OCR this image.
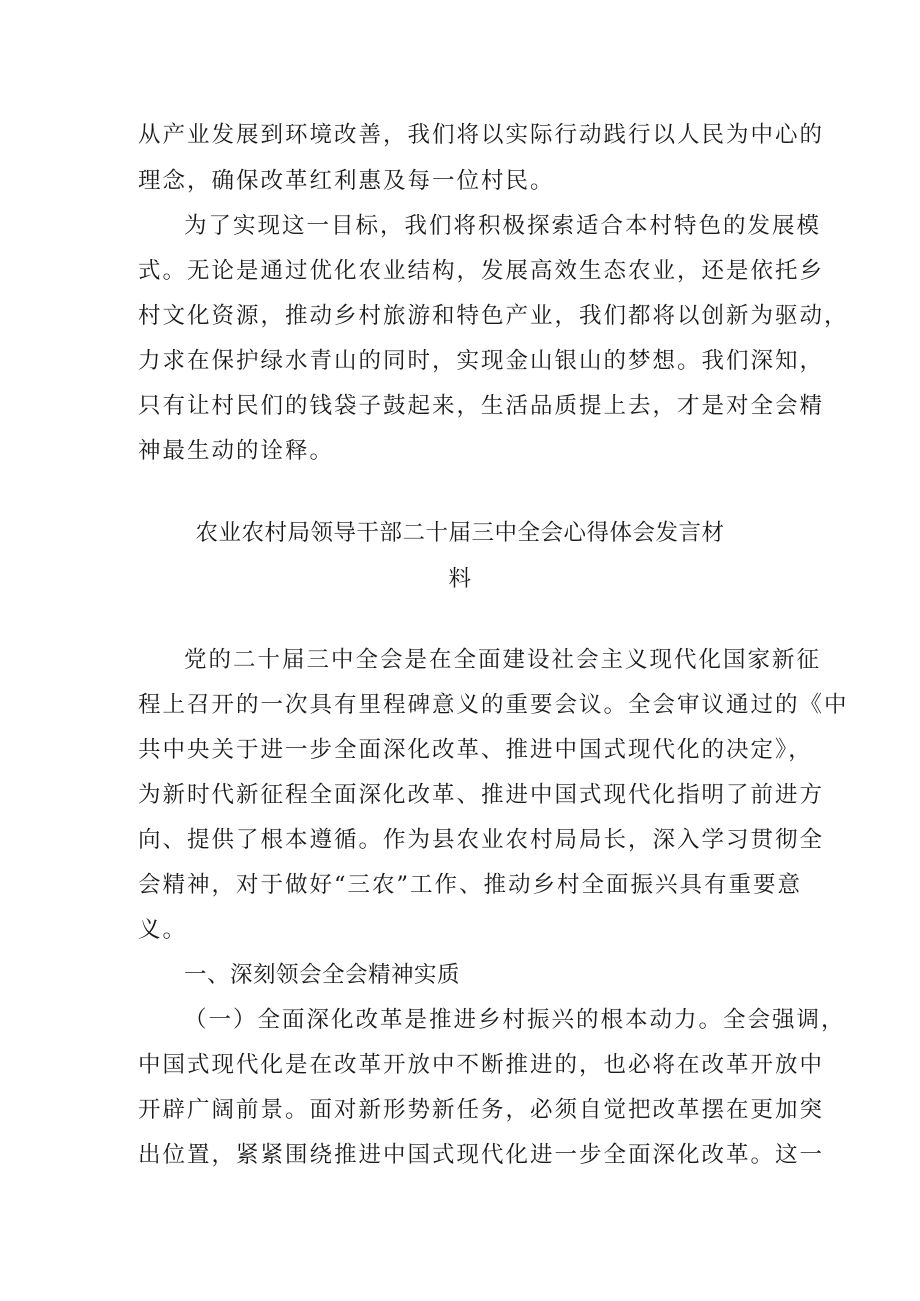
从产业发展到环境改善，我们将以实际行动践行以人民为中心的
理念，确保改革红利惠及每一位村民。
为了实现这一目标，我们将积极探索适合本村特色的发展模
式。无论是通过优化农业结构，发展高效生态农业，还是依托乡
村文化资源，推动乡村旅游和特色产业，我们都将以创新为驱动，
力求在保护绿水青山的同时，实现金山银山的梦想。我们深知，
只有让村民们的钱袋子鼓起来，生活品质提上去，才是对全会精
神最生动的诠释。
农业农村局领导干部二十届三中全会心得体会发言材
料
党的二十届三中全会是在全面建设社会主义现代化国家新征
程上召开的一次具有里程碑意义的重要会议。全会审议通过的《中
共中央关于进一步全面深化改革、推进中国式现代化的决定》，
为新时代新征程全面深化改革、推进中国式现代化指明了前进方
向、提供了根本遵循。作为县农业农村局局长，深入学习贯彻全
会精神，对于做好“三农”工作、推动乡村全面振兴具有重要意
义。
一、深刻领会全会精神实质
（一）全面深化改革是推进乡村振兴的根本动力。全会强调，
中国式现代化是在改革开放中不断推进的，也必将在改革开放中
开辟广阔前景。面对新形势新任务，必须自觉把改革摆在更加突
出位置，紧紧围绕推进中国式现代化进一步全面深化改革。这一
